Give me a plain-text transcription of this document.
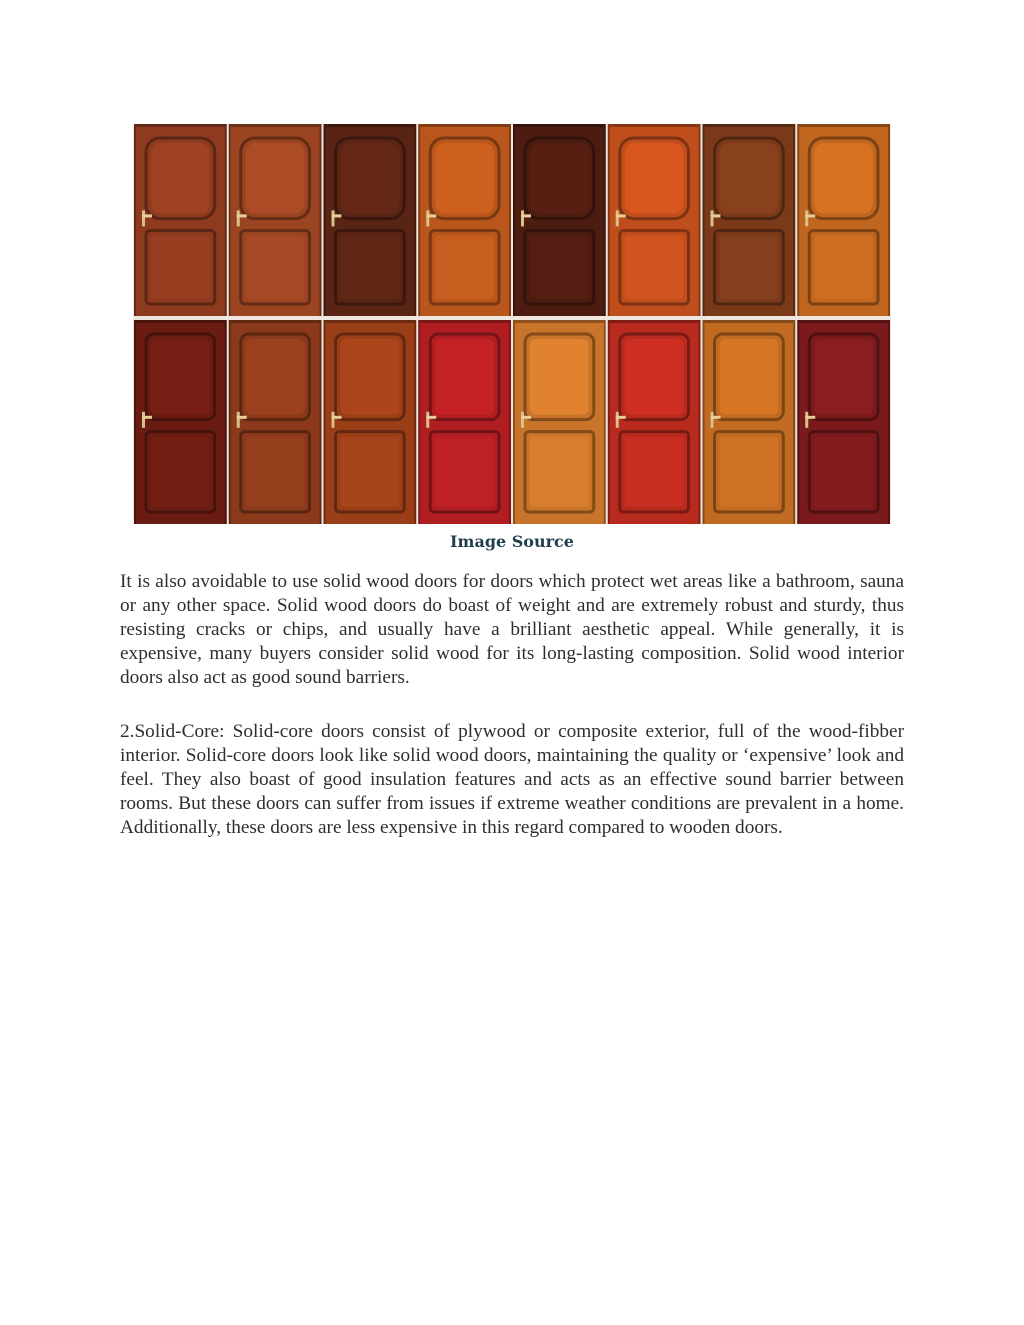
Image Source

It is also avoidable to use solid wood doors for doors which protect wet areas like a bathroom, sauna or any other space. Solid wood doors do boast of weight and are extremely robust and sturdy, thus resisting cracks or chips, and usually have a brilliant aesthetic appeal. While generally, it is expensive, many buyers consider solid wood for its long-lasting composition. Solid wood interior doors also act as good sound barriers.

2.Solid-Core: Solid-core doors consist of plywood or composite exterior, full of the wood-fibber interior. Solid-core doors look like solid wood doors, maintaining the quality or ‘expensive’ look and feel. They also boast of good insulation features and acts as an effective sound barrier between rooms. But these doors can suffer from issues if extreme weather conditions are prevalent in a home. Additionally, these doors are less expensive in this regard compared to wooden doors.
